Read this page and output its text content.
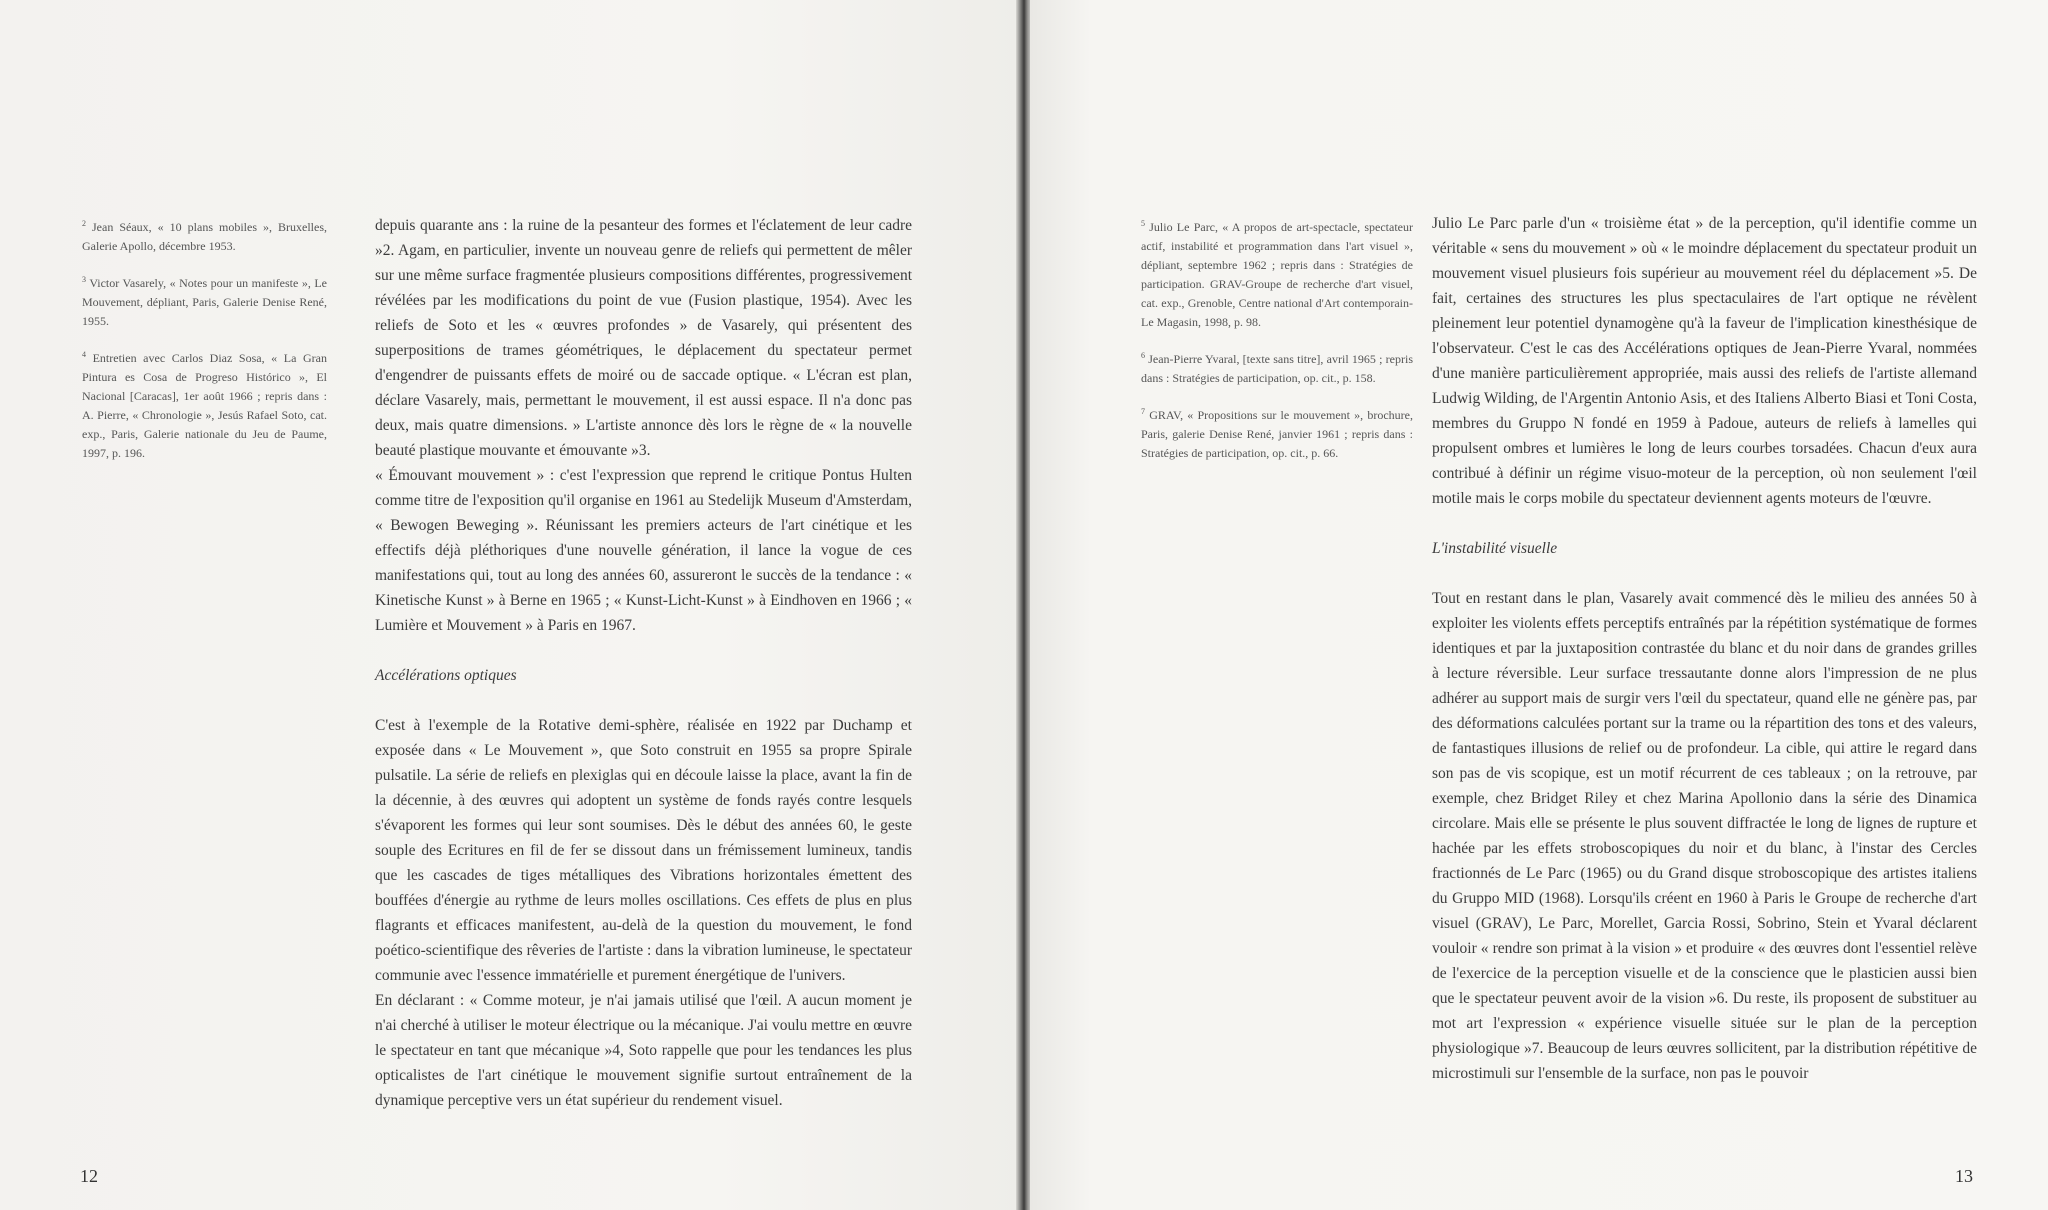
$^2$ Jean Séaux, « 10 plans mobiles », Bruxelles, Galerie Apollo, décembre 1953.

$^3$ Victor Vasarely, « Notes pour un manifeste », Le Mouvement, dépliant, Paris, Galerie Denise René, 1955.

$^4$ Entretien avec Carlos Diaz Sosa, « La Gran Pintura es Cosa de Progreso Histórico », El Nacional [Caracas], 1er août 1966 ; repris dans : A. Pierre, « Chronologie », Jesús Rafael Soto, cat. exp., Paris, Galerie nationale du Jeu de Paume, 1997, p. 196.

depuis quarante ans : la ruine de la pesanteur des formes et l'éclatement de leur cadre »2. Agam, en particulier, invente un nouveau genre de reliefs qui permettent de mêler sur une même surface fragmentée plusieurs compositions différentes, progressivement révélées par les modifications du point de vue (Fusion plastique, 1954). Avec les reliefs de Soto et les « œuvres profondes » de Vasarely, qui présentent des superpositions de trames géométriques, le déplacement du spectateur permet d'engendrer de puissants effets de moiré ou de saccade optique. « L'écran est plan, déclare Vasarely, mais, permettant le mouvement, il est aussi espace. Il n'a donc pas deux, mais quatre dimensions. » L'artiste annonce dès lors le règne de « la nouvelle beauté plastique mouvante et émouvante »3.

« Émouvant mouvement » : c'est l'expression que reprend le critique Pontus Hulten comme titre de l'exposition qu'il organise en 1961 au Stedelijk Museum d'Amsterdam, « Bewogen Beweging ». Réunissant les premiers acteurs de l'art cinétique et les effectifs déjà pléthoriques d'une nouvelle génération, il lance la vogue de ces manifestations qui, tout au long des années 60, assureront le succès de la tendance : « Kinetische Kunst » à Berne en 1965 ; « Kunst-Licht-Kunst » à Eindhoven en 1966 ; « Lumière et Mouvement » à Paris en 1967.

Accélérations optiques

C'est à l'exemple de la Rotative demi-sphère, réalisée en 1922 par Duchamp et exposée dans « Le Mouvement », que Soto construit en 1955 sa propre Spirale pulsatile. La série de reliefs en plexiglas qui en découle laisse la place, avant la fin de la décennie, à des œuvres qui adoptent un système de fonds rayés contre lesquels s'évaporent les formes qui leur sont soumises. Dès le début des années 60, le geste souple des Ecritures en fil de fer se dissout dans un frémissement lumineux, tandis que les cascades de tiges métalliques des Vibrations horizontales émettent des bouffées d'énergie au rythme de leurs molles oscillations. Ces effets de plus en plus flagrants et efficaces manifestent, au-delà de la question du mouvement, le fond poético-scientifique des rêveries de l'artiste : dans la vibration lumineuse, le spectateur communie avec l'essence immatérielle et purement énergétique de l'univers.

En déclarant : « Comme moteur, je n'ai jamais utilisé que l'œil. A aucun moment je n'ai cherché à utiliser le moteur électrique ou la mécanique. J'ai voulu mettre en œuvre le spectateur en tant que mécanique »4, Soto rappelle que pour les tendances les plus opticalistes de l'art cinétique le mouvement signifie surtout entraînement de la dynamique perceptive vers un état supérieur du rendement visuel.

12

$^5$ Julio Le Parc, « A propos de art-spectacle, spectateur actif, instabilité et programmation dans l'art visuel », dépliant, septembre 1962 ; repris dans : Stratégies de participation. GRAV-Groupe de recherche d'art visuel, cat. exp., Grenoble, Centre national d'Art contemporain-Le Magasin, 1998, p. 98.

$^6$ Jean-Pierre Yvaral, [texte sans titre], avril 1965 ; repris dans : Stratégies de participation, op. cit., p. 158.

$^7$ GRAV, « Propositions sur le mouvement », brochure, Paris, galerie Denise René, janvier 1961 ; repris dans : Stratégies de participation, op. cit., p. 66.

Julio Le Parc parle d'un « troisième état » de la perception, qu'il identifie comme un véritable « sens du mouvement » où « le moindre déplacement du spectateur produit un mouvement visuel plusieurs fois supérieur au mouvement réel du déplacement »5. De fait, certaines des structures les plus spectaculaires de l'art optique ne révèlent pleinement leur potentiel dynamogène qu'à la faveur de l'implication kinesthésique de l'observateur. C'est le cas des Accélérations optiques de Jean-Pierre Yvaral, nommées d'une manière particulièrement appropriée, mais aussi des reliefs de l'artiste allemand Ludwig Wilding, de l'Argentin Antonio Asis, et des Italiens Alberto Biasi et Toni Costa, membres du Gruppo N fondé en 1959 à Padoue, auteurs de reliefs à lamelles qui propulsent ombres et lumières le long de leurs courbes torsadées. Chacun d'eux aura contribué à définir un régime visuo-moteur de la perception, où non seulement l'œil motile mais le corps mobile du spectateur deviennent agents moteurs de l'œuvre.

L'instabilité visuelle

Tout en restant dans le plan, Vasarely avait commencé dès le milieu des années 50 à exploiter les violents effets perceptifs entraînés par la répétition systématique de formes identiques et par la juxtaposition contrastée du blanc et du noir dans de grandes grilles à lecture réversible. Leur surface tressautante donne alors l'impression de ne plus adhérer au support mais de surgir vers l'œil du spectateur, quand elle ne génère pas, par des déformations calculées portant sur la trame ou la répartition des tons et des valeurs, de fantastiques illusions de relief ou de profondeur. La cible, qui attire le regard dans son pas de vis scopique, est un motif récurrent de ces tableaux ; on la retrouve, par exemple, chez Bridget Riley et chez Marina Apollonio dans la série des Dinamica circolare. Mais elle se présente le plus souvent diffractée le long de lignes de rupture et hachée par les effets stroboscopiques du noir et du blanc, à l'instar des Cercles fractionnés de Le Parc (1965) ou du Grand disque stroboscopique des artistes italiens du Gruppo MID (1968). Lorsqu'ils créent en 1960 à Paris le Groupe de recherche d'art visuel (GRAV), Le Parc, Morellet, Garcia Rossi, Sobrino, Stein et Yvaral déclarent vouloir « rendre son primat à la vision » et produire « des œuvres dont l'essentiel relève de l'exercice de la perception visuelle et de la conscience que le plasticien aussi bien que le spectateur peuvent avoir de la vision »6. Du reste, ils proposent de substituer au mot art l'expression « expérience visuelle située sur le plan de la perception physiologique »7. Beaucoup de leurs œuvres sollicitent, par la distribution répétitive de microstimuli sur l'ensemble de la surface, non pas le pouvoir

13
